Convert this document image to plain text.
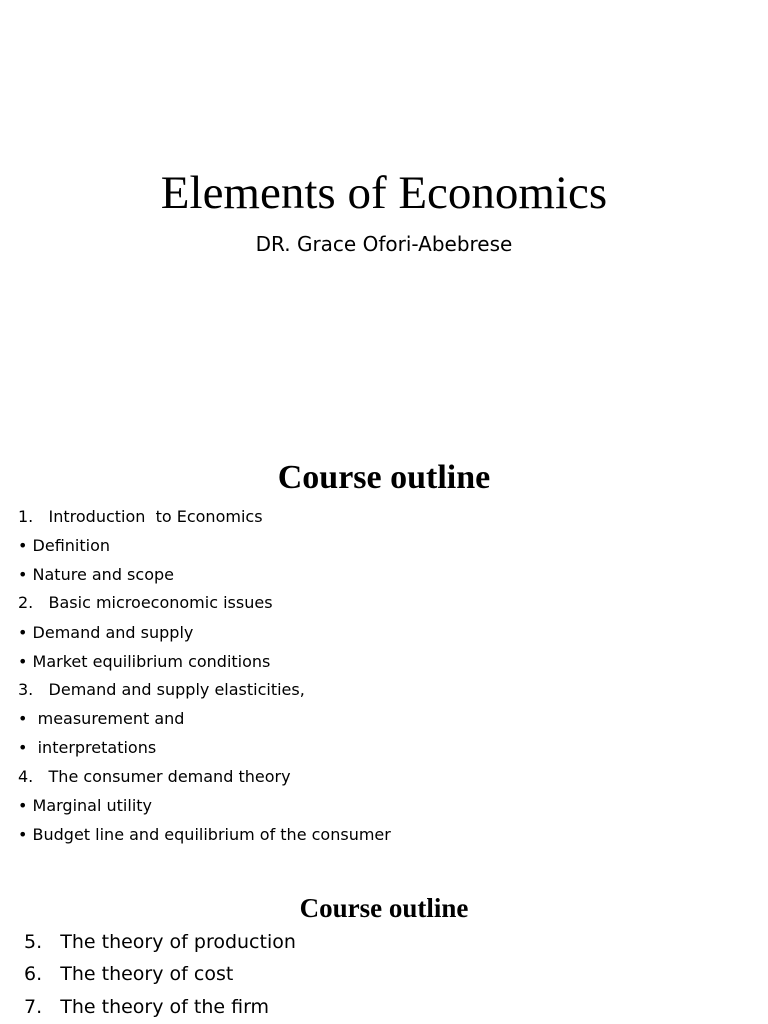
Elements of Economics
DR. Grace Ofori-Abebrese
Course outline
1.   Introduction  to Economics
• Definition
• Nature and scope
2.   Basic microeconomic issues
• Demand and supply
• Market equilibrium conditions
3.   Demand and supply elasticities,
•  measurement and
•  interpretations
4.   The consumer demand theory
• Marginal utility
• Budget line and equilibrium of the consumer
Course outline
5.   The theory of production
6.   The theory of cost
7.   The theory of the firm
